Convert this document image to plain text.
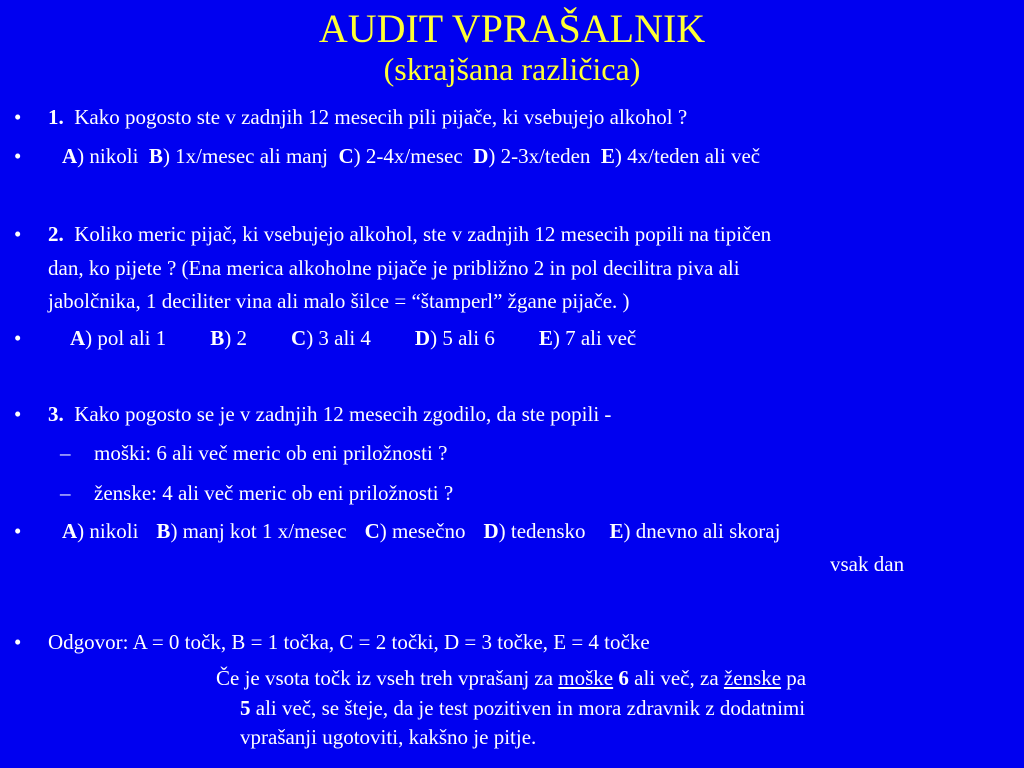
AUDIT VPRAŠALNIK
(skrajšana različica)
• 1. Kako pogosto ste v zadnjih 12 mesecih pili pijače, ki vsebujejo alkohol ?
• A) nikoli B) 1x/mesec ali manj C) 2-4x/mesec D) 2-3x/teden E) 4x/teden ali več
• 2. Koliko meric pijač, ki vsebujejo alkohol, ste v zadnjih 12 mesecih popili na tipičen
dan, ko pijete ? (Ena merica alkoholne pijače je približno 2 in pol decilitra piva ali
jabolčnika, 1 deciliter vina ali malo šilce = “štamperl” žgane pijače. )
• A) pol ali 1 B) 2 C) 3 ali 4 D) 5 ali 6 E) 7 ali več
• 3. Kako pogosto se je v zadnjih 12 mesecih zgodilo, da ste popili -
– moški: 6 ali več meric ob eni priložnosti ?
– ženske: 4 ali več meric ob eni priložnosti ?
• A) nikoli B) manj kot 1 x/mesec C) mesečno D) tedensko E) dnevno ali skoraj
vsak dan
• Odgovor: A = 0 točk, B = 1 točka, C = 2 točki, D = 3 točke, E = 4 točke
Če je vsota točk iz vseh treh vprašanj za moške 6 ali več, za ženske pa
5 ali več, se šteje, da je test pozitiven in mora zdravnik z dodatnimi
vprašanji ugotoviti, kakšno je pitje.
